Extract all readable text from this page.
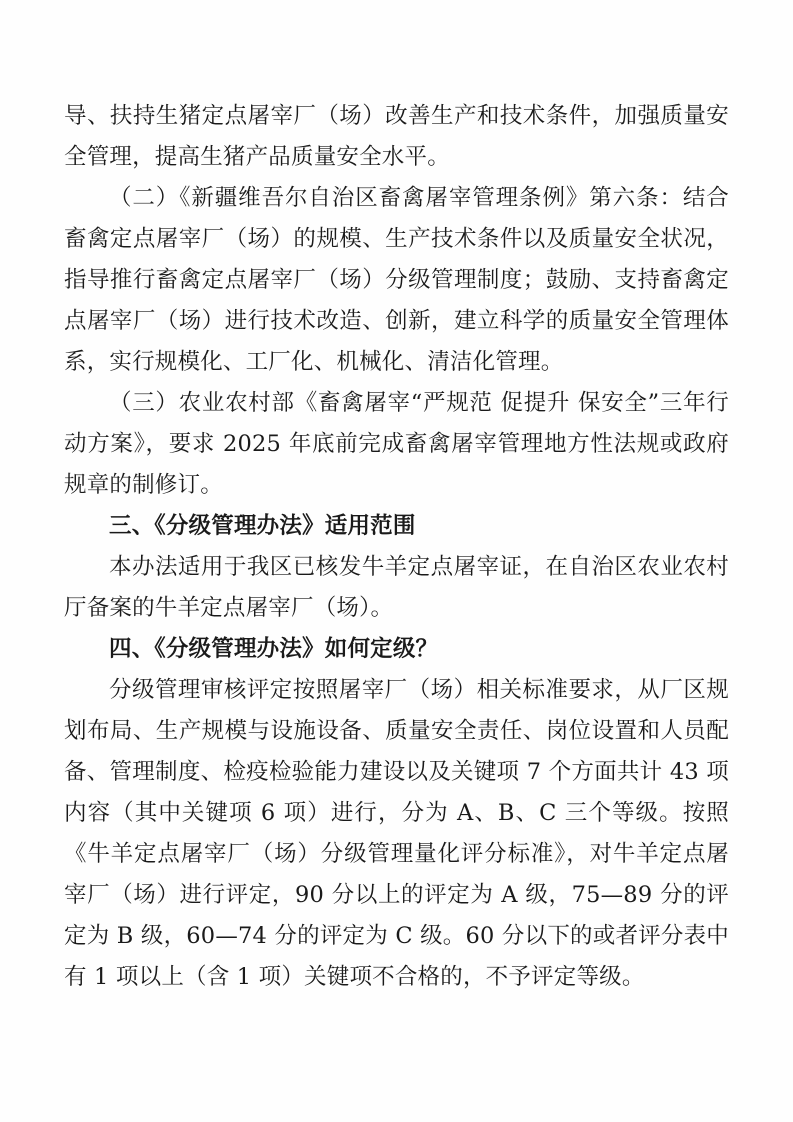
导、扶持生猪定点屠宰厂（场）改善生产和技术条件，加强质量安全管理，提高生猪产品质量安全水平。

（二）《新疆维吾尔自治区畜禽屠宰管理条例》第六条：结合畜禽定点屠宰厂（场）的规模、生产技术条件以及质量安全状况，指导推行畜禽定点屠宰厂（场）分级管理制度；鼓励、支持畜禽定点屠宰厂（场）进行技术改造、创新，建立科学的质量安全管理体系，实行规模化、工厂化、机械化、清洁化管理。

（三）农业农村部《畜禽屠宰“严规范 促提升 保安全”三年行动方案》，要求 2025 年底前完成畜禽屠宰管理地方性法规或政府规章的制修订。

三、《分级管理办法》适用范围

本办法适用于我区已核发牛羊定点屠宰证，在自治区农业农村厅备案的牛羊定点屠宰厂（场）。

四、《分级管理办法》如何定级？

分级管理审核评定按照屠宰厂（场）相关标准要求，从厂区规划布局、生产规模与设施设备、质量安全责任、岗位设置和人员配备、管理制度、检疫检验能力建设以及关键项 7 个方面共计 43 项内容（其中关键项 6 项）进行，分为 A、B、C 三个等级。按照《牛羊定点屠宰厂（场）分级管理量化评分标准》，对牛羊定点屠宰厂（场）进行评定，90 分以上的评定为 A 级，75—89 分的评定为 B 级，60—74 分的评定为 C 级。60 分以下的或者评分表中有 1 项以上（含 1 项）关键项不合格的，不予评定等级。
